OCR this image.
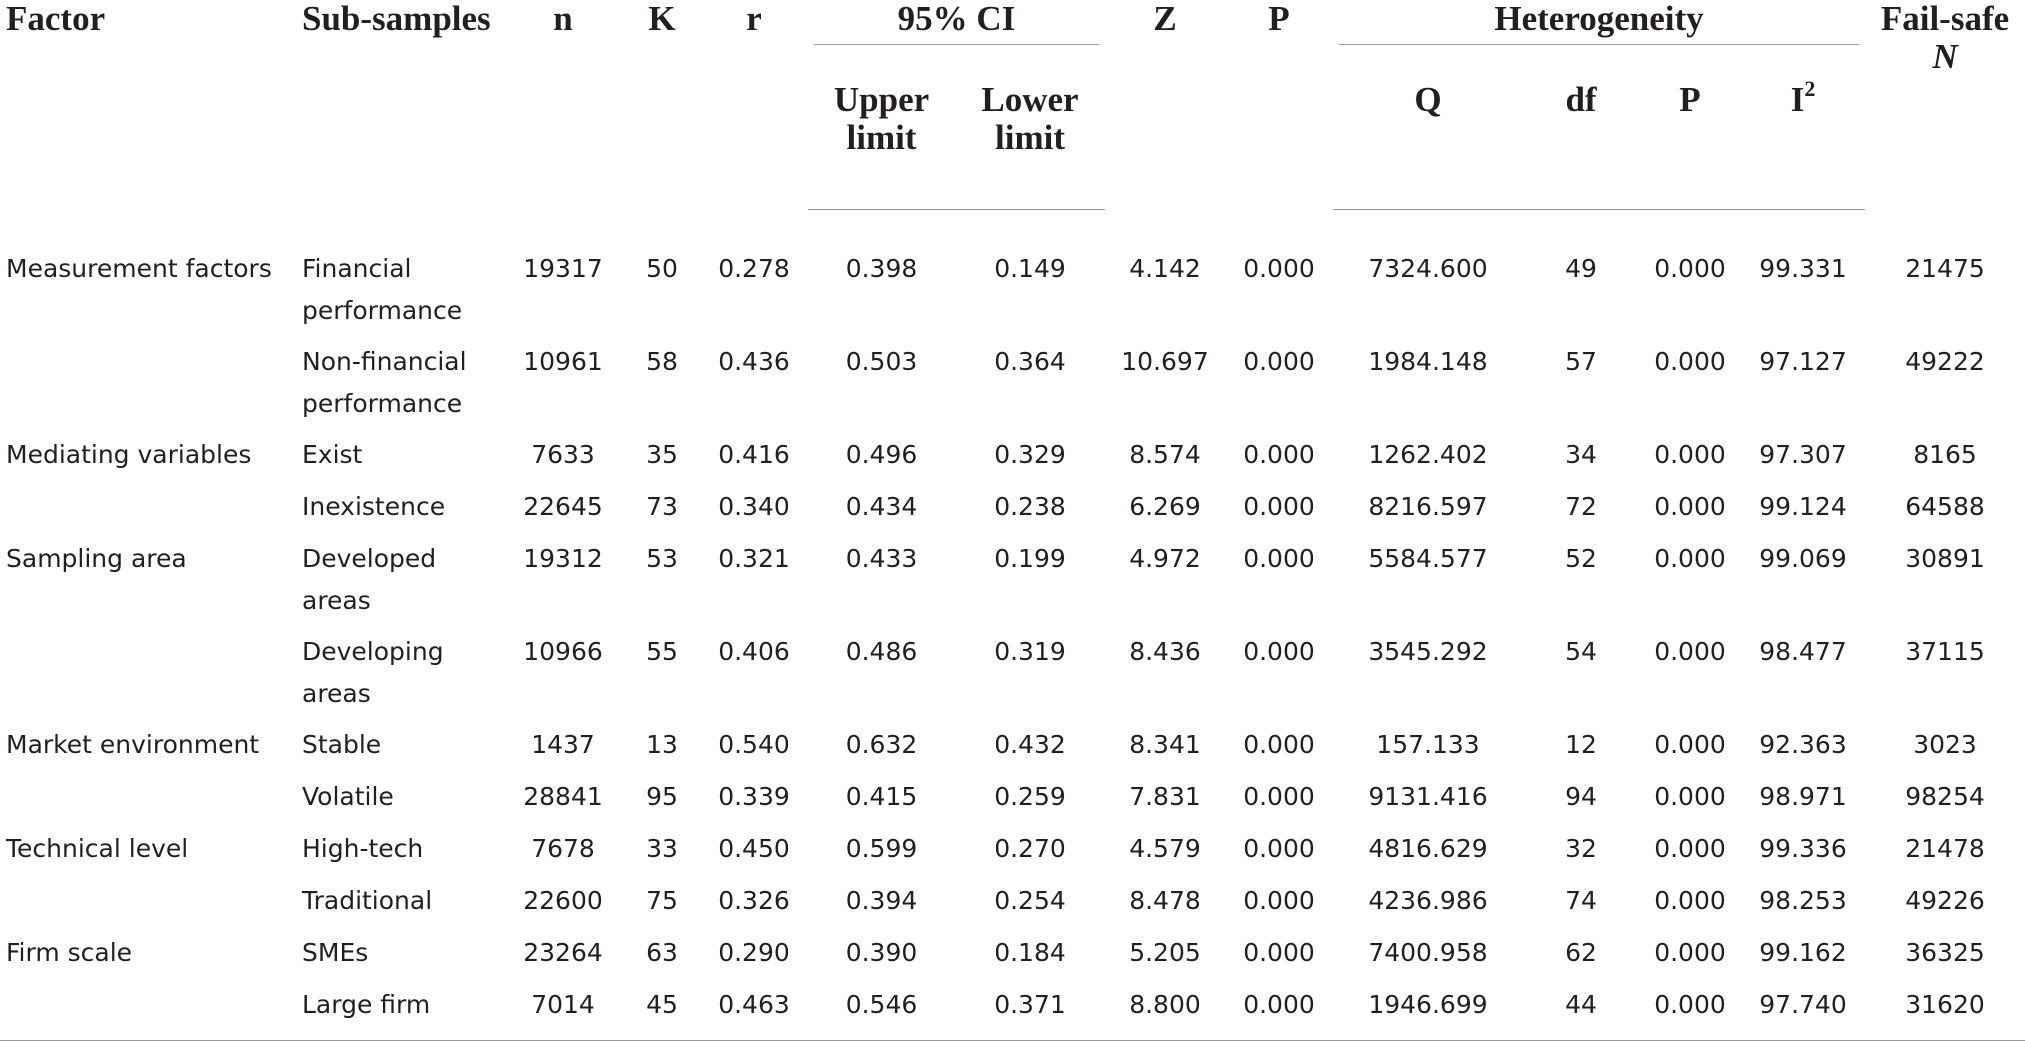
Factor	Sub-samples	n	K	r	95% CI		Z	P	Heterogeneity				Fail-safe N
					Upper limit	Lower limit			Q	df	P	$I^2$
Measurement factors	Financial performance	19317	50	0.278	0.398	0.149	4.142	0.000	7324.600	49	0.000	99.331	21475
	Non-financial performance	10961	58	0.436	0.503	0.364	10.697	0.000	1984.148	57	0.000	97.127	49222
Mediating variables	Exist	7633	35	0.416	0.496	0.329	8.574	0.000	1262.402	34	0.000	97.307	8165
	Inexistence	22645	73	0.340	0.434	0.238	6.269	0.000	8216.597	72	0.000	99.124	64588
Sampling area	Developed areas	19312	53	0.321	0.433	0.199	4.972	0.000	5584.577	52	0.000	99.069	30891
	Developing areas	10966	55	0.406	0.486	0.319	8.436	0.000	3545.292	54	0.000	98.477	37115
Market environment	Stable	1437	13	0.540	0.632	0.432	8.341	0.000	157.133	12	0.000	92.363	3023
	Volatile	28841	95	0.339	0.415	0.259	7.831	0.000	9131.416	94	0.000	98.971	98254
Technical level	High-tech	7678	33	0.450	0.599	0.270	4.579	0.000	4816.629	32	0.000	99.336	21478
	Traditional	22600	75	0.326	0.394	0.254	8.478	0.000	4236.986	74	0.000	98.253	49226
Firm scale	SMEs	23264	63	0.290	0.390	0.184	5.205	0.000	7400.958	62	0.000	99.162	36325
	Large firm	7014	45	0.463	0.546	0.371	8.800	0.000	1946.699	44	0.000	97.740	31620
